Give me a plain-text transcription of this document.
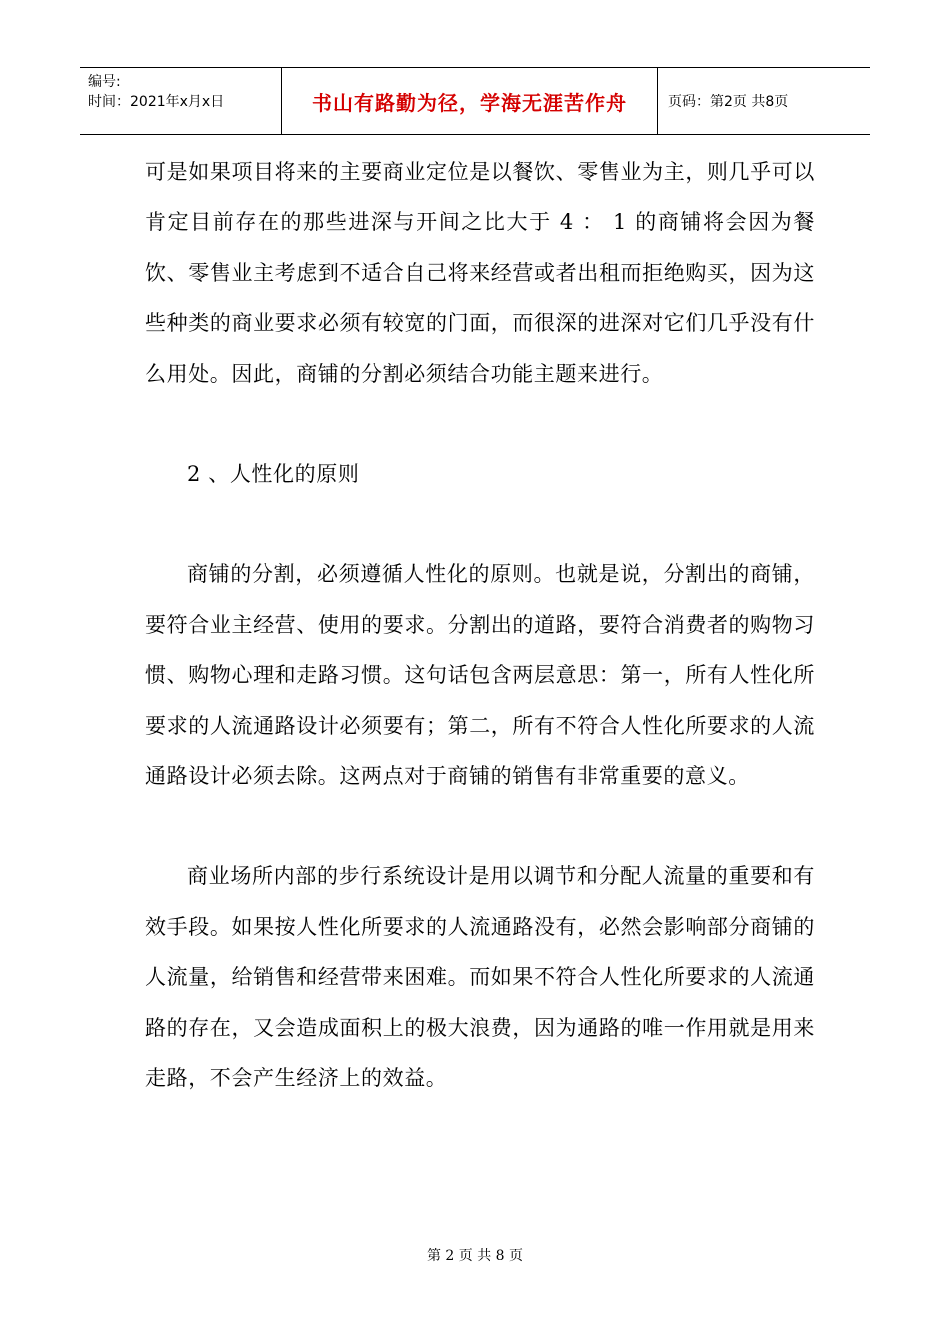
编号:
时间：2021年x月x日	书山有路勤为径，学海无涯苦作舟	页码：第2页 共8页

可是如果项目将来的主要商业定位是以餐饮、零售业为主，则几乎可以肯定目前存在的那些进深与开间之比大于 4 ： 1 的商铺将会因为餐饮、零售业主考虑到不适合自己将来经营或者出租而拒绝购买，因为这些种类的商业要求必须有较宽的门面，而很深的进深对它们几乎没有什么用处。因此，商铺的分割必须结合功能主题来进行。

2 、人性化的原则

商铺的分割，必须遵循人性化的原则。也就是说，分割出的商铺，要符合业主经营、使用的要求。分割出的道路，要符合消费者的购物习惯、购物心理和走路习惯。这句话包含两层意思：第一，所有人性化所要求的人流通路设计必须要有；第二，所有不符合人性化所要求的人流通路设计必须去除。这两点对于商铺的销售有非常重要的意义。

商业场所内部的步行系统设计是用以调节和分配人流量的重要和有效手段。如果按人性化所要求的人流通路没有，必然会影响部分商铺的人流量，给销售和经营带来困难。而如果不符合人性化所要求的人流通路的存在，又会造成面积上的极大浪费，因为通路的唯一作用就是用来走路，不会产生经济上的效益。

第 2 页 共 8 页
